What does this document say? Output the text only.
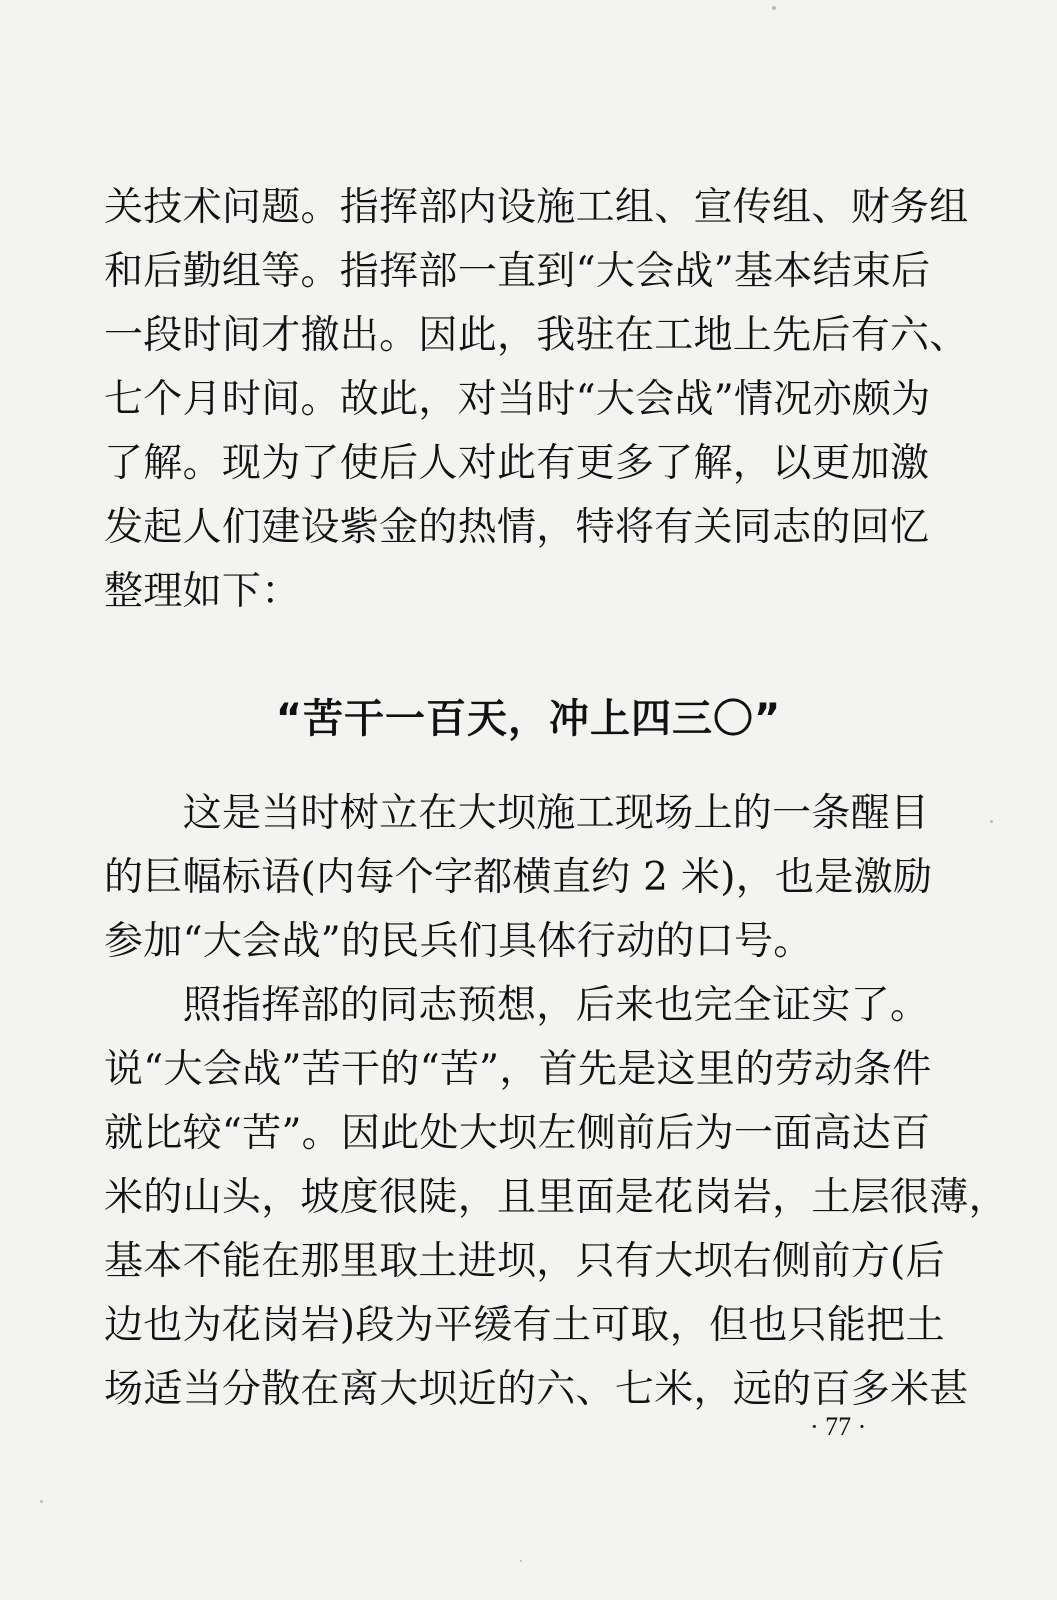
关技术问题。指挥部内设施工组、宣传组、财务组
和后勤组等。指挥部一直到“大会战”基本结束后
一段时间才撤出。因此，我驻在工地上先后有六、
七个月时间。故此，对当时“大会战”情况亦颇为
了解。现为了使后人对此有更多了解，以更加激
发起人们建设紫金的热情，特将有关同志的回忆
整理如下：
“苦干一百天，冲上四三〇”
　　这是当时树立在大坝施工现场上的一条醒目
的巨幅标语(内每个字都横直约 2 米)，也是激励
参加“大会战”的民兵们具体行动的口号。
　　照指挥部的同志预想，后来也完全证实了。
说“大会战”苦干的“苦”，首先是这里的劳动条件
就比较“苦”。因此处大坝左侧前后为一面高达百
米的山头，坡度很陡，且里面是花岗岩，土层很薄，
基本不能在那里取土进坝，只有大坝右侧前方(后
边也为花岗岩)段为平缓有土可取，但也只能把土
场适当分散在离大坝近的六、七米，远的百多米甚
· 77 ·
